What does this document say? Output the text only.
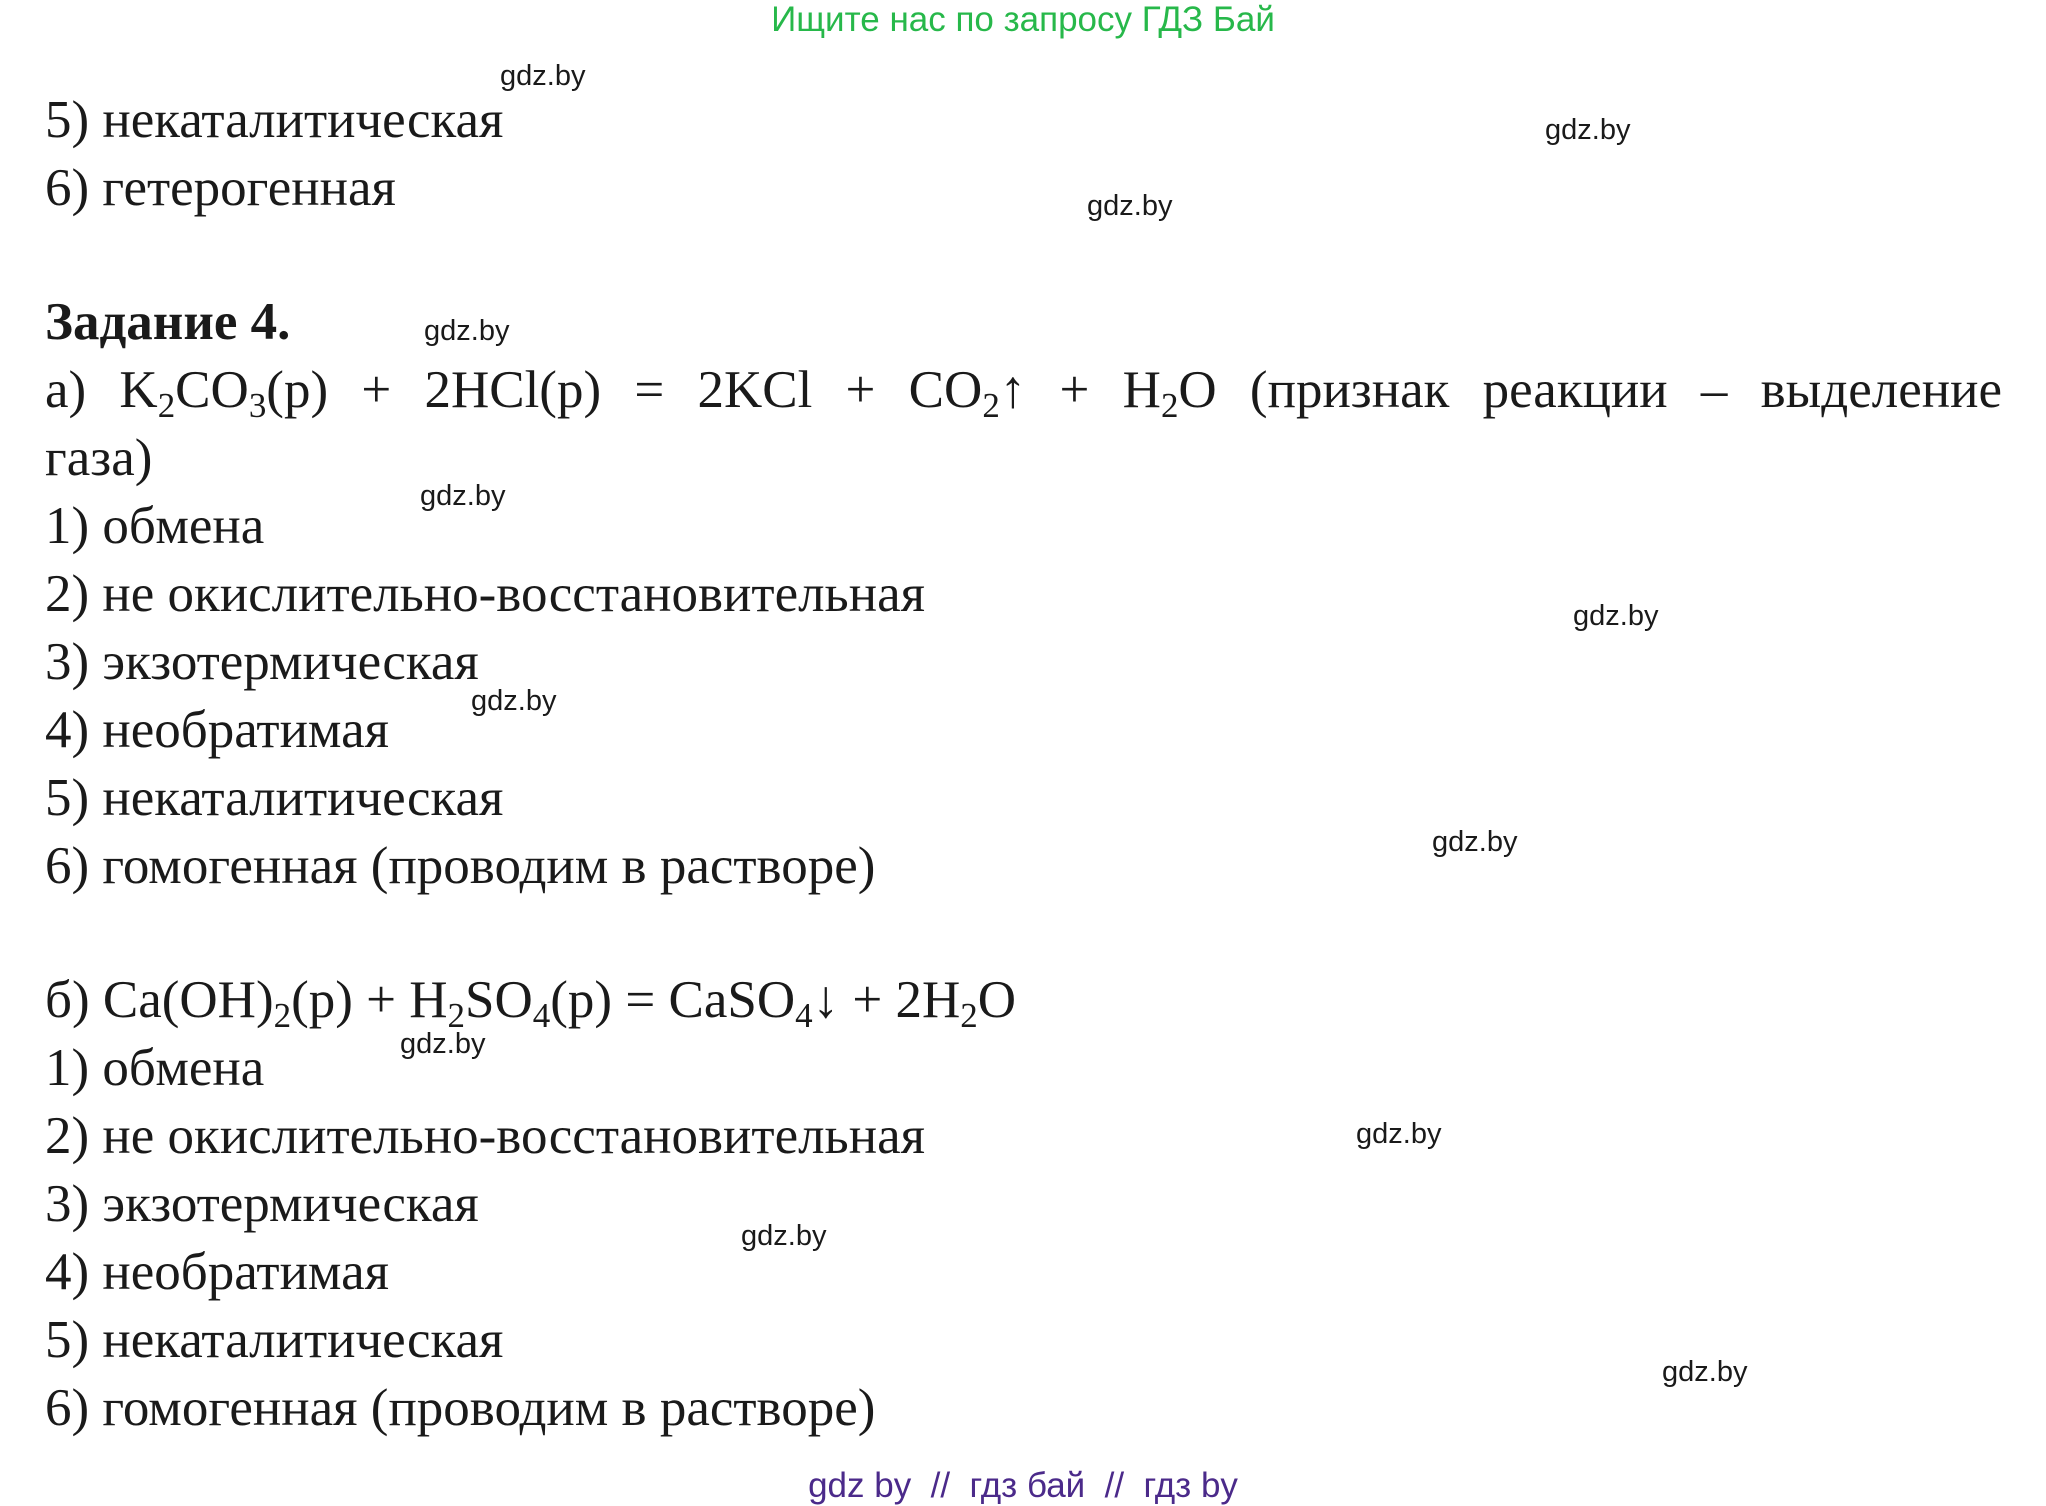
Ищите нас по запросу ГДЗ Бай
5) некаталитическая
6) гетерогенная
Задание 4.
а) K2CO3(р) + 2HCl(р) = 2KCl + CO2↑ + H2O (признак реакции – выделение
газа)
1) обмена
2) не окислительно-восстановительная
3) экзотермическая
4) необратимая
5) некаталитическая
6) гомогенная (проводим в растворе)
б) Ca(OH)2(р) + H2SO4(р) = CaSO4↓ + 2H2O
1) обмена
2) не окислительно-восстановительная
3) экзотермическая
4) необратимая
5) некаталитическая
6) гомогенная (проводим в растворе)
gdz.by
gdz.by
gdz.by
gdz.by
gdz.by
gdz.by
gdz.by
gdz.by
gdz.by
gdz.by
gdz.by
gdz.by
gdz by  //  гдз бай  //  гдз by
